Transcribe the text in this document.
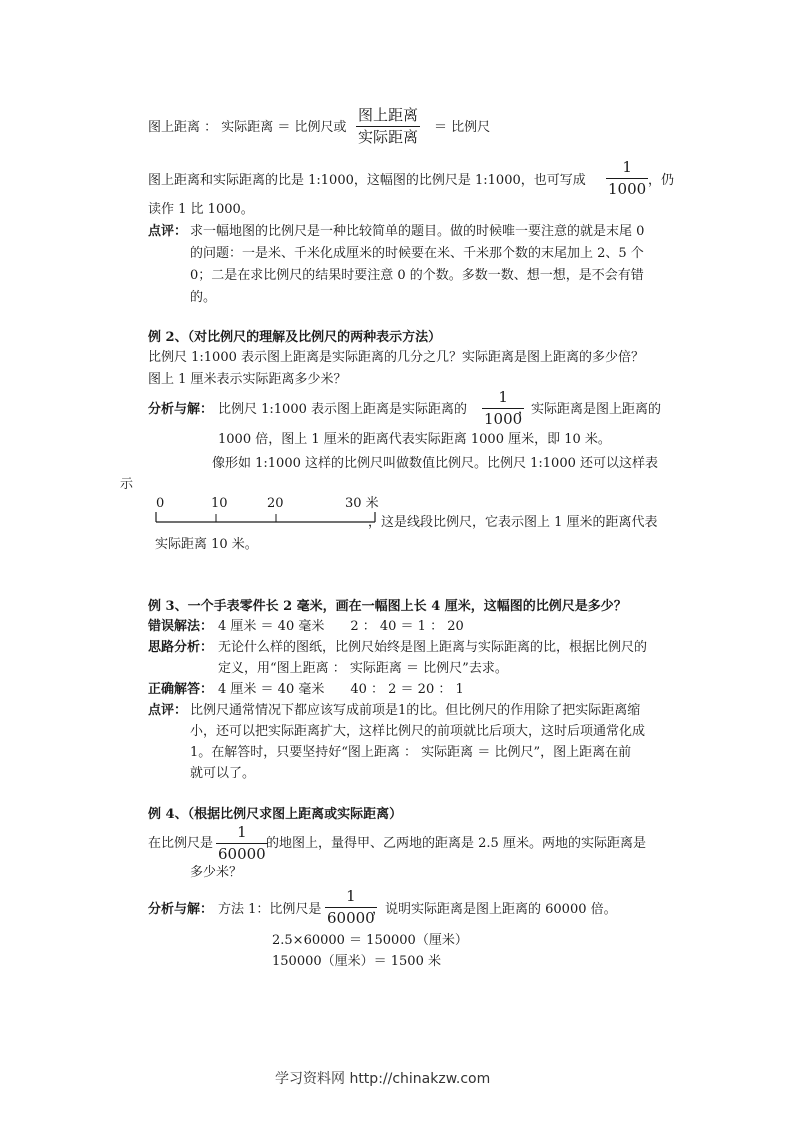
图上距离 ： 实际距离 ＝ 比例尺或
图上距离
实际距离
＝ 比例尺
图上距离和实际距离的比是 1:1000，这幅图的比例尺是 1:1000，也可写成
1
1000 ，仍
读作 1 比 1000。
点评： 求一幅地图的比例尺是一种比较简单的题目。做的时候唯一要注意的就是末尾 0
的问题：一是米、千米化成厘米的时候要在米、千米那个数的末尾加上 2、5 个
0；二是在求比例尺的结果时要注意 0 的个数。多数一数、想一想，是不会有错
的。
例 2、（对比例尺的理解及比例尺的两种表示方法）
比例尺 1:1000 表示图上距离是实际距离的几分之几？实际距离是图上距离的多少倍？
图上 1 厘米表示实际距离多少米？
分析与解： 比例尺 1:1000 表示图上距离是实际距离的
1
1000
，实际距离是图上距离的
1000 倍，图上 1 厘米的距离代表实际距离 1000 厘米，即 10 米。
像形如 1:1000 这样的比例尺叫做数值比例尺。比例尺 1:1000 还可以这样表
示
0	10	20	30 米
，这是线段比例尺，它表示图上 1 厘米的距离代表
实际距离 10 米。
例 3、一个手表零件长 2 毫米，画在一幅图上长 4 厘米，这幅图的比例尺是多少？
错误解法： 4 厘米 ＝ 40 毫米　　2 ： 40 ＝ 1 ： 20
思路分析： 无论什么样的图纸，比例尺始终是图上距离与实际距离的比，根据比例尺的
定义，用“图上距离 ： 实际距离 ＝ 比例尺”去求。
正确解答： 4 厘米 ＝ 40 毫米　　40 ： 2 ＝ 20 ： 1
点评： 比例尺通常情况下都应该写成前项是1的比。但比例尺的作用除了把实际距离缩
小，还可以把实际距离扩大，这样比例尺的前项就比后项大，这时后项通常化成
1。在解答时，只要坚持好“图上距离 ： 实际距离 ＝ 比例尺”，图上距离在前
就可以了。
例 4、（根据比例尺求图上距离或实际距离）
在比例尺是
1
60000
的地图上，量得甲、乙两地的距离是 2.5 厘米。两地的实际距离是
多少米？
分析与解： 方法 1：比例尺是
1
60000
，说明实际距离是图上距离的 60000 倍。
2.5×60000 ＝ 150000（厘米）
150000（厘米）＝ 1500 米
学习资料网 http://chinakzw.com
